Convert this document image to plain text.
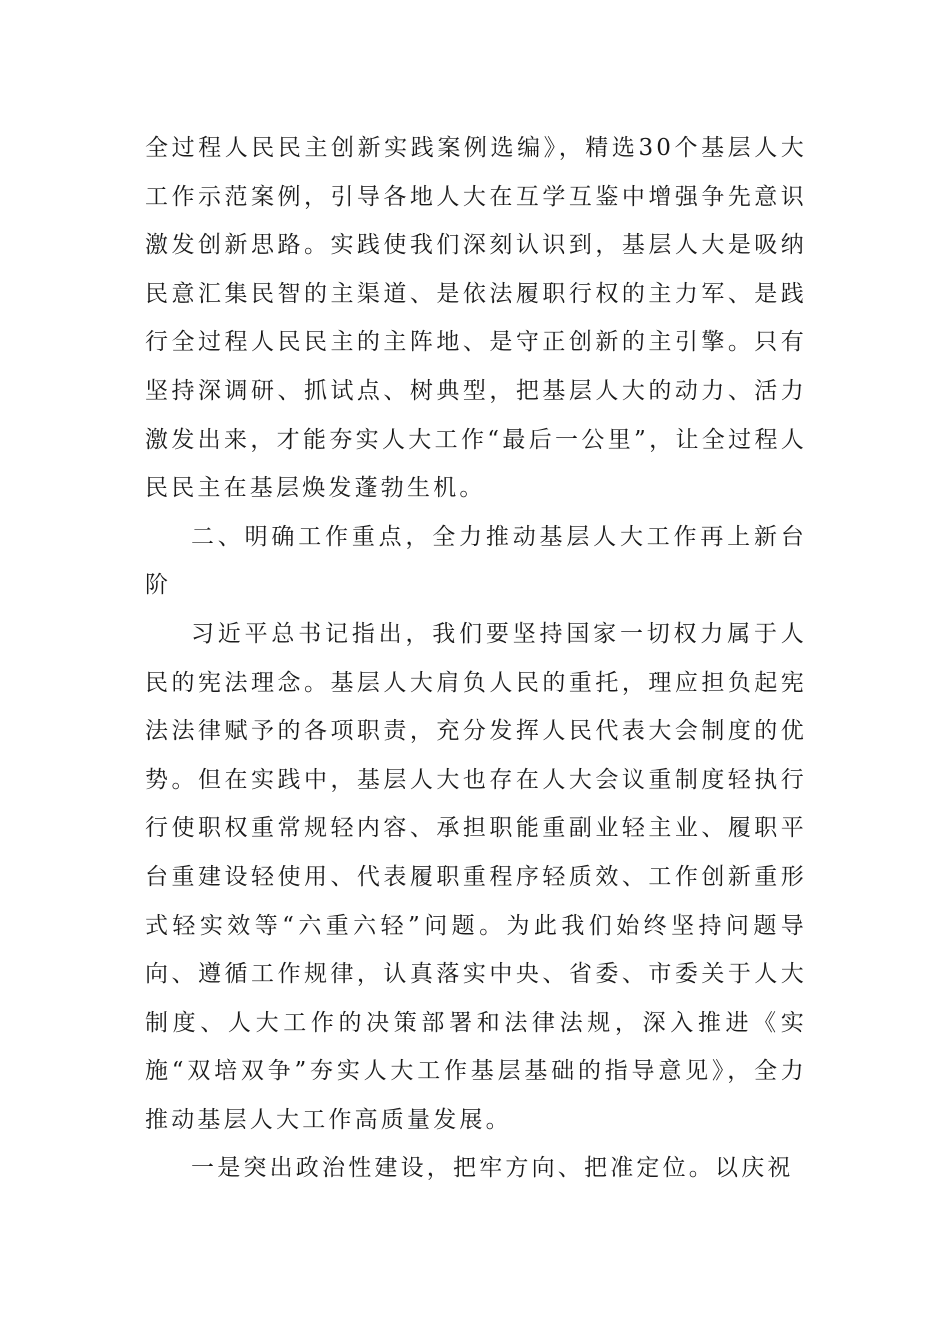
全过程人民民主创新实践案例选编》，精选30个基层人大工作示范案例，引导各地人大在互学互鉴中增强争先意识激发创新思路。实践使我们深刻认识到，基层人大是吸纳民意汇集民智的主渠道、是依法履职行权的主力军、是践行全过程人民民主的主阵地、是守正创新的主引擎。只有坚持深调研、抓试点、树典型，把基层人大的动力、活力激发出来，才能夯实人大工作“最后一公里”，让全过程人民民主在基层焕发蓬勃生机。

二、明确工作重点，全力推动基层人大工作再上新台阶

习近平总书记指出，我们要坚持国家一切权力属于人民的宪法理念。基层人大肩负人民的重托，理应担负起宪法法律赋予的各项职责，充分发挥人民代表大会制度的优势。但在实践中，基层人大也存在人大会议重制度轻执行行使职权重常规轻内容、承担职能重副业轻主业、履职平台重建设轻使用、代表履职重程序轻质效、工作创新重形式轻实效等“六重六轻”问题。为此我们始终坚持问题导向、遵循工作规律，认真落实中央、省委、市委关于人大制度、人大工作的决策部署和法律法规，深入推进《实施“双培双争”夯实人大工作基层基础的指导意见》，全力推动基层人大工作高质量发展。

一是突出政治性建设，把牢方向、把准定位。以庆祝
